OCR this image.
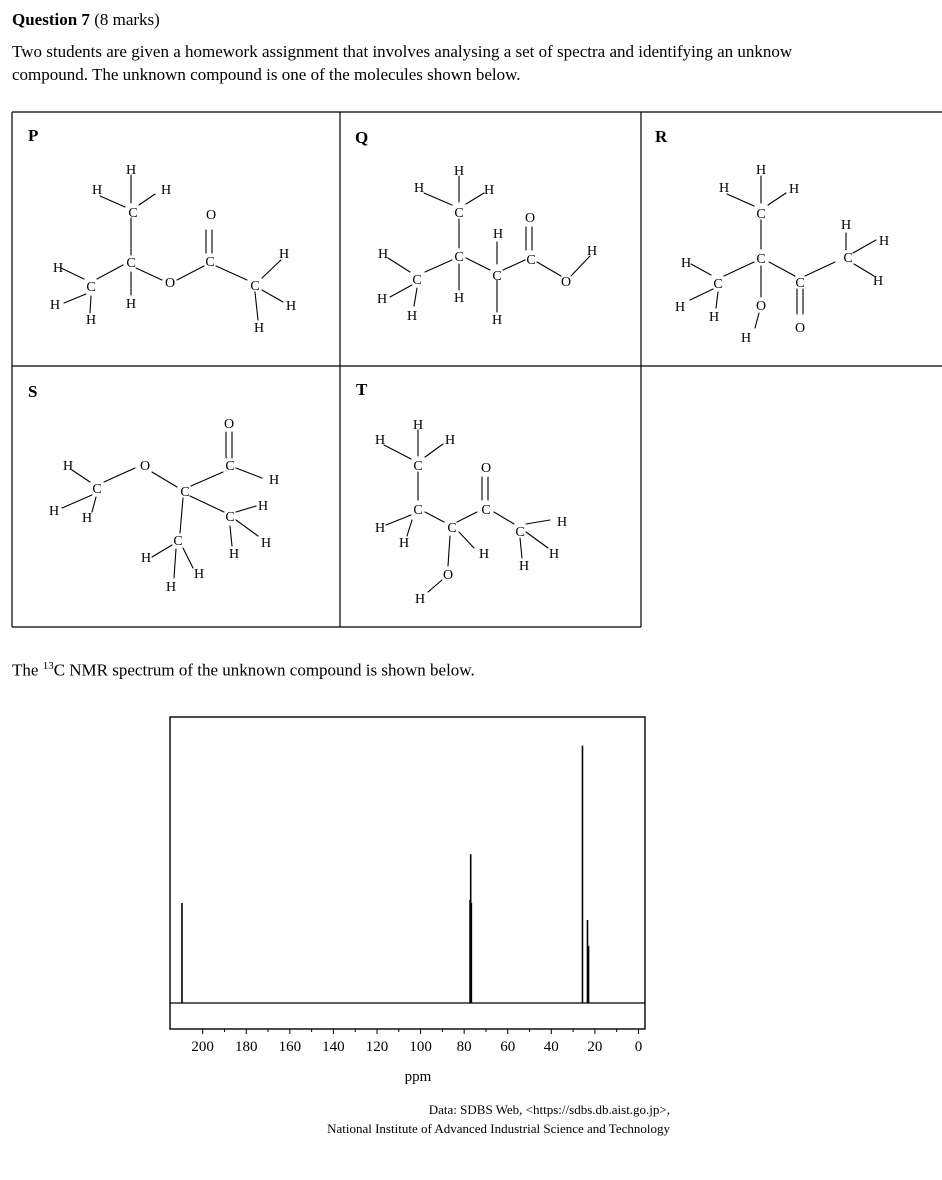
Question 7 (8 marks)

Two students are given a homework assignment that involves analysing a set of spectra and identifying an unknow
compound. The unknown compound is one of the molecules shown below.

H
H	H
C	O
C	C
H
H
C	O	C
H	H	H
H
H
H
H	H
C	O
H
H	H
C	C
C	C	O
H
H
H	H
H
H	H
C
H
H
C
C
H
H
C
C
O
H
H
O
H
O
C
O
H
H
C	C
H
H	C
H
C	H
H
H
H
H
H
H	H
C	O
C	C
H
H	C	C
H
H	H
H
O
H
P	Q	R
S	T
The $^{13}$C NMR spectrum of the unknown compound is shown below.
200 180 160 140 120 100 80 60 40 20 0
ppm
Data: SDBS Web, <https://sdbs.db.aist.go.jp>,
National Institute of Advanced Industrial Science and Technology
